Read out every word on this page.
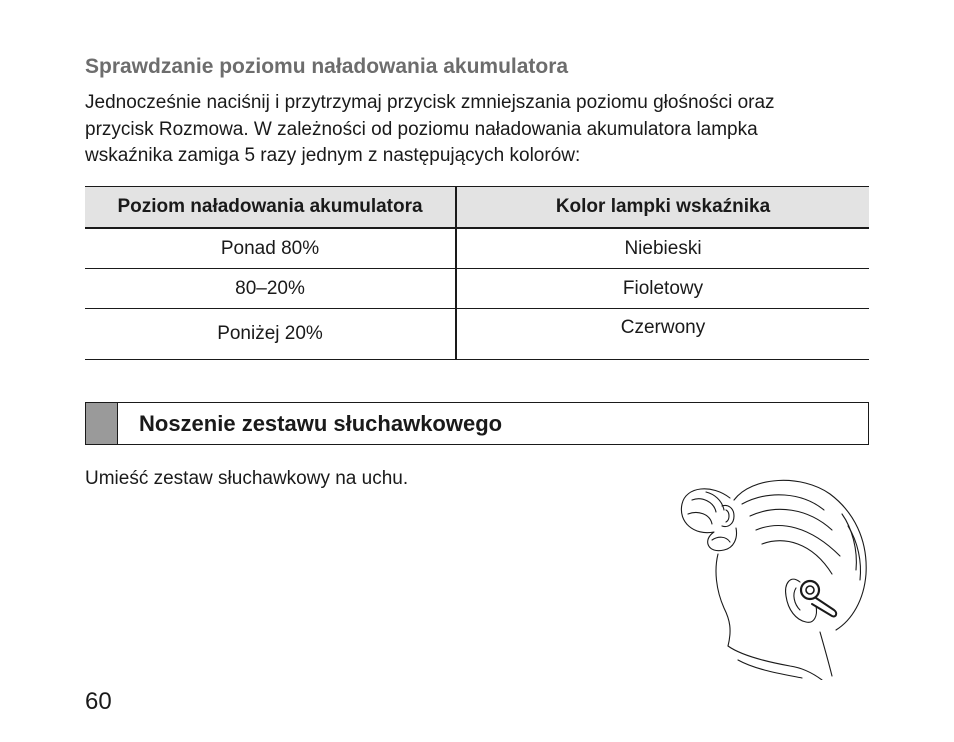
Sprawdzanie poziomu naładowania akumulatora
Jednocześnie naciśnij i przytrzymaj przycisk zmniejszania poziomu głośności oraz
przycisk Rozmowa. W zależności od poziomu naładowania akumulatora lampka
wskaźnika zamiga 5 razy jednym z następujących kolorów:
Poziom naładowania akumulatora	Kolor lampki wskaźnika
Ponad 80%	Niebieski
80–20%	Fioletowy
Poniżej 20%	Czerwony
Noszenie zestawu słuchawkowego
Umieść zestaw słuchawkowy na uchu.
60
